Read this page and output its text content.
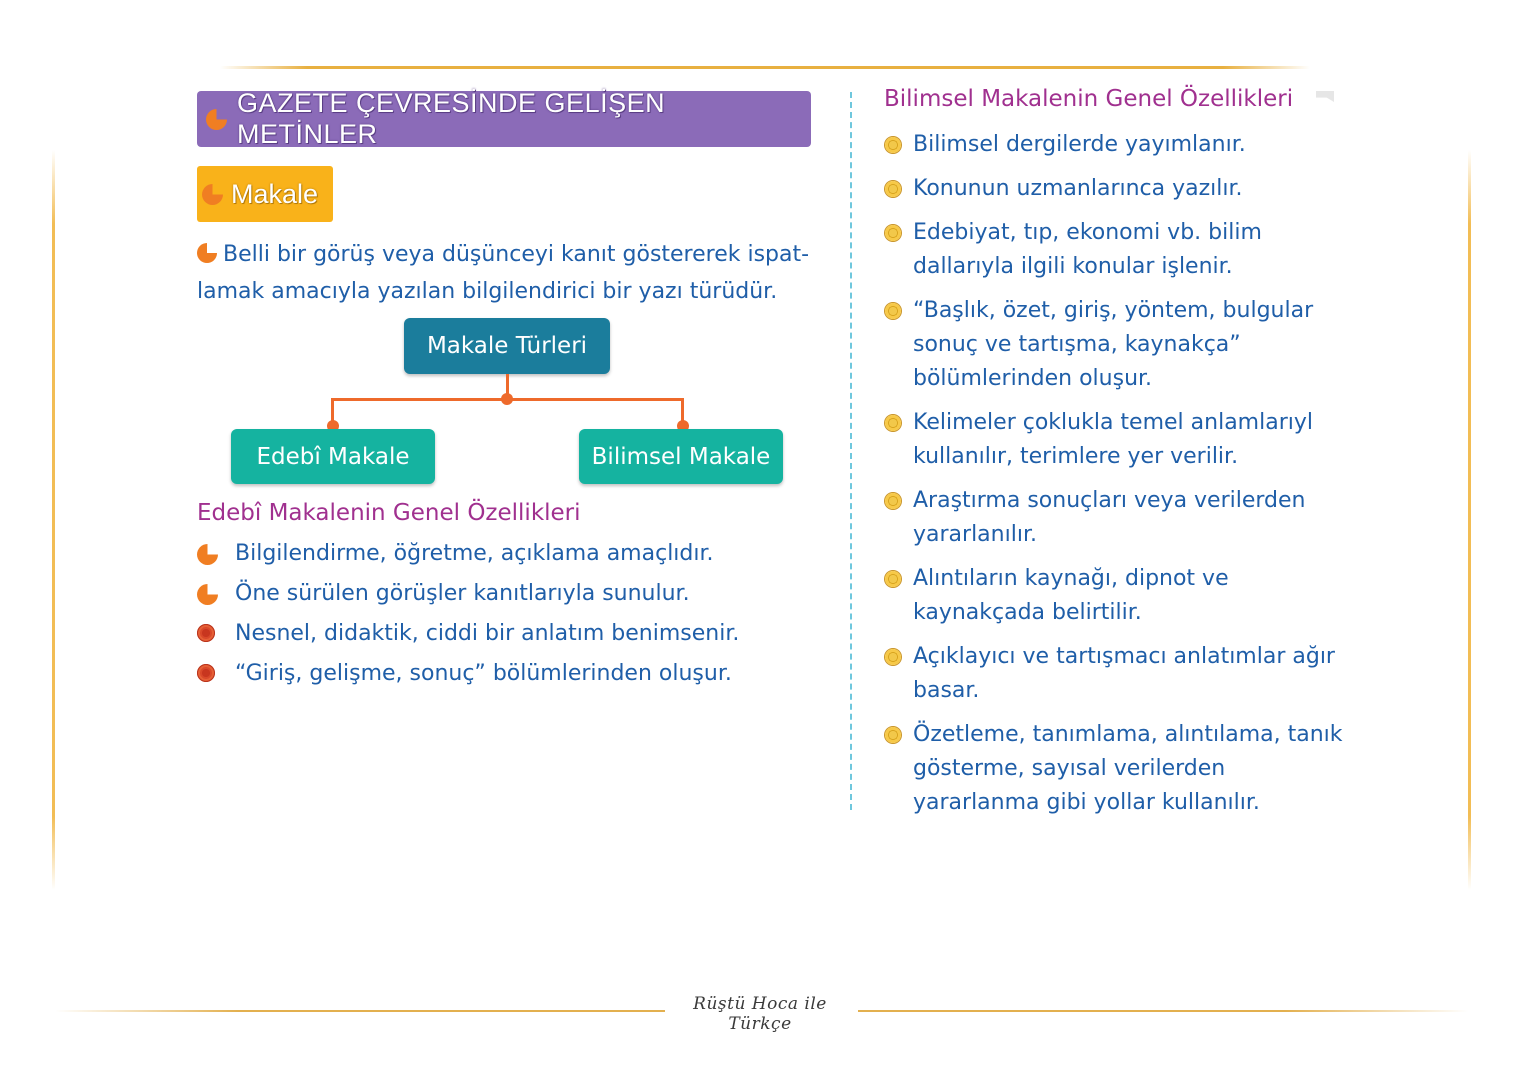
Rüştü Hoca ile Türkçe
GAZETE ÇEVRESİNDE GELİŞEN METİNLER
Makale
Belli bir görüş veya düşünceyi kanıt göstererek ispat-lamak amacıyla yazılan bilgilendirici bir yazı türüdür.
Makale Türleri
Edebî Makale	Bilimsel Makale
Edebî Makalenin Genel Özellikleri
Bilgilendirme, öğretme, açıklama amaçlıdır.
Öne sürülen görüşler kanıtlarıyla sunulur.
Nesnel, didaktik, ciddi bir anlatım benimsenir.
“Giriş, gelişme, sonuç” bölümlerinden oluşur.
Bilimsel Makalenin Genel Özellikleri
Bilimsel dergilerde yayımlanır.
Konunun uzmanlarınca yazılır.
Edebiyat, tıp, ekonomi vb. bilim dallarıyla ilgili konular işlenir.
“Başlık, özet, giriş, yöntem, bulgular sonuç ve tartışma, kaynakça” bölümlerinden oluşur.
Kelimeler çoklukla temel anlamlarıyl kullanılır, terimlere yer verilir.
Araştırma sonuçları veya verilerden yararlanılır.
Alıntıların kaynağı, dipnot ve kaynakçada belirtilir.
Açıklayıcı ve tartışmacı anlatımlar ağır basar.
Özetleme, tanımlama, alıntılama, tanık gösterme, sayısal verilerden yararlanma gibi yollar kullanılır.
